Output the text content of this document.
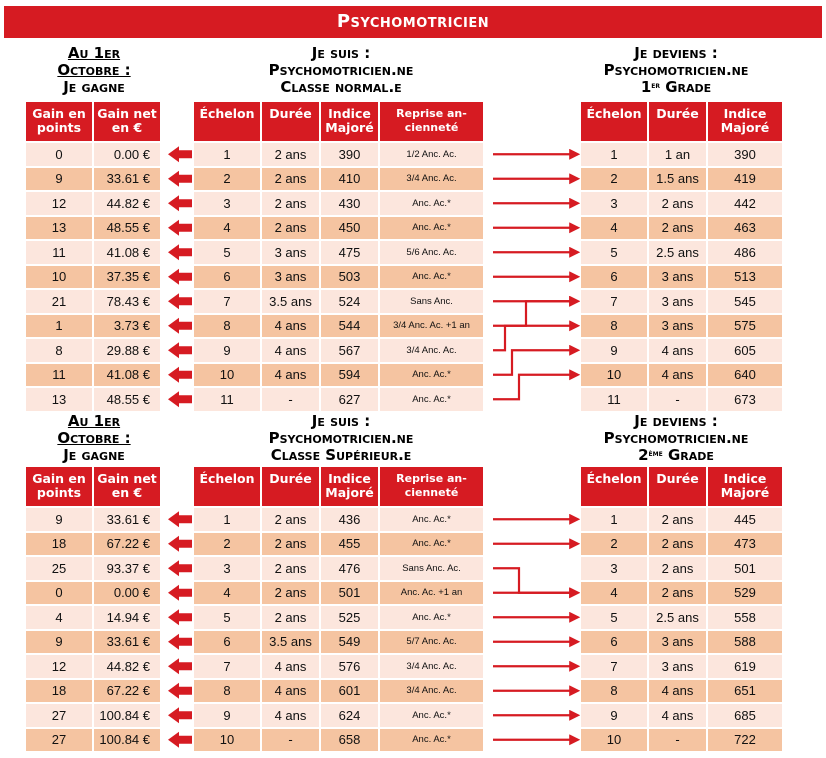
Psychomotricien
Au 1er
Octobre :
Je gagne
Je suis :
Psychomotricien.ne
Classe normal.e
Je deviens :
Psychomotricien.ne
1er Grade
Gain en points	Gain net en €
0	0.00 €
9	33.61 €
12	44.82 €
13	48.55 €
11	41.08 €
10	37.35 €
21	78.43 €
1	3.73 €
8	29.88 €
11	41.08 €
13	48.55 €
Échelon	Durée	Indice Majoré	Reprise an- cienneté
1	2 ans	390	1/2 Anc. Ac.
2	2 ans	410	3/4 Anc. Ac.
3	2 ans	430	Anc. Ac.*
4	2 ans	450	Anc. Ac.*
5	3 ans	475	5/6 Anc. Ac.
6	3 ans	503	Anc. Ac.*
7	3.5 ans	524	Sans Anc.
8	4 ans	544	3/4 Anc. Ac. +1 an
9	4 ans	567	3/4 Anc. Ac.
10	4 ans	594	Anc. Ac.*
11	-	627	Anc. Ac.*
Échelon	Durée	Indice Majoré
1	1 an	390
2	1.5 ans	419
3	2 ans	442
4	2 ans	463
5	2.5 ans	486
6	3 ans	513
7	3 ans	545
8	3 ans	575
9	4 ans	605
10	4 ans	640
11	-	673
Au 1er
Octobre :
Je gagne
Je suis :
Psychomotricien.ne
Classe Supérieur.e
Je deviens :
Psychomotricien.ne
2ème Grade
Gain en points	Gain net en €
9	33.61 €
18	67.22 €
25	93.37 €
0	0.00 €
4	14.94 €
9	33.61 €
12	44.82 €
18	67.22 €
27	100.84 €
27	100.84 €
Échelon	Durée	Indice Majoré	Reprise an- cienneté
1	2 ans	436	Anc. Ac.*
2	2 ans	455	Anc. Ac.*
3	2 ans	476	Sans Anc. Ac.
4	2 ans	501	Anc. Ac. +1 an
5	2 ans	525	Anc. Ac.*
6	3.5 ans	549	5/7 Anc. Ac.
7	4 ans	576	3/4 Anc. Ac.
8	4 ans	601	3/4 Anc. Ac.
9	4 ans	624	Anc. Ac.*
10	-	658	Anc. Ac.*
Échelon	Durée	Indice Majoré
1	2 ans	445
2	2 ans	473
3	2 ans	501
4	2 ans	529
5	2.5 ans	558
6	3 ans	588
7	3 ans	619
8	4 ans	651
9	4 ans	685
10	-	722
